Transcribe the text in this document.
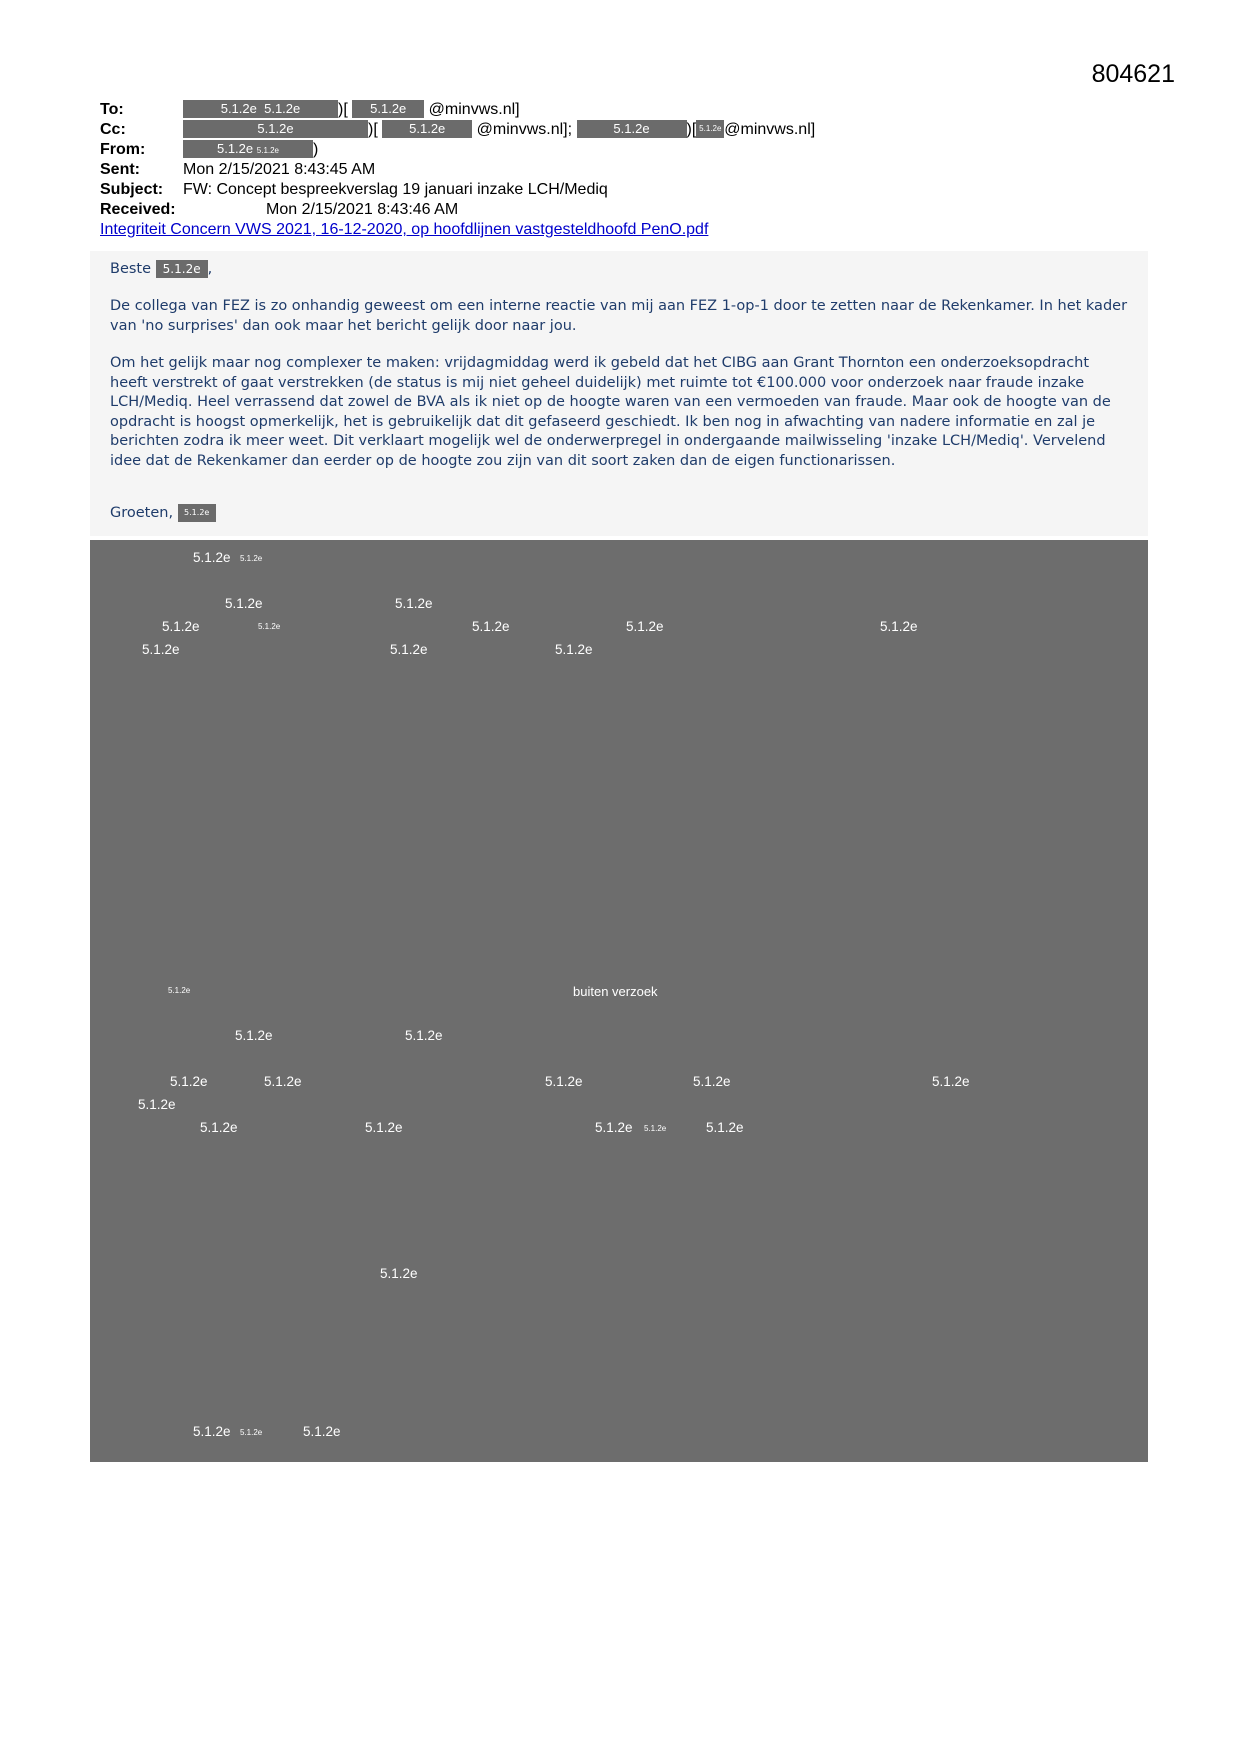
804621
To:	5.1.2e 5.1.2e )[ 5.1.2e @minvws.nl]
Cc:	5.1.2e	)[ 5.1.2e @minvws.nl];	5.1.2e )[ 5.1.2e @minvws.nl]
From:	5.1.2e 5.1.2e )
Sent:	Mon 2/15/2021 8:43:45 AM
Subject: FW: Concept bespreekverslag 19 januari inzake LCH/Mediq
Received:	Mon 2/15/2021 8:43:46 AM
Integriteit Concern VWS 2021, 16-12-2020, op hoofdlijnen vastgesteldhoofd PenO.pdf

Beste 5.1.2e ,

De collega van FEZ is zo onhandig geweest om een interne reactie van mij aan FEZ 1-op-1 door te zetten naar de Rekenkamer. In het kader van 'no surprises' dan ook maar het bericht gelijk door naar jou.

Om het gelijk maar nog complexer te maken: vrijdagmiddag werd ik gebeld dat het CIBG aan Grant Thornton een onderzoeksopdracht heeft verstrekt of gaat verstrekken (de status is mij niet geheel duidelijk) met ruimte tot €100.000 voor onderzoek naar fraude inzake LCH/Mediq. Heel verrassend dat zowel de BVA als ik niet op de hoogte waren van een vermoeden van fraude. Maar ook de hoogte van de opdracht is hoogst opmerkelijk, het is gebruikelijk dat dit gefaseerd geschiedt. Ik ben nog in afwachting van nadere informatie en zal je berichten zodra ik meer weet. Dit verklaart mogelijk wel de onderwerpregel in ondergaande mailwisseling 'inzake LCH/Mediq'. Vervelend idee dat de Rekenkamer dan eerder op de hoogte zou zijn van dit soort zaken dan de eigen functionarissen.

Groeten, 5.1.2e

5.1.2e 5.1.2e
5.1.2e	5.1.2e
5.1.2e	5.1.2e	5.1.2e	5.1.2e	5.1.2e
5.1.2e	5.1.2e	5.1.2e
5.1.2e	buiten verzoek
5.1.2e	5.1.2e
5.1.2e	5.1.2e	5.1.2e	5.1.2e	5.1.2e
5.1.2e
5.1.2e	5.1.2e	5.1.2e 5.1.2e	5.1.2e
5.1.2e
5.1.2e 5.1.2e	5.1.2e
